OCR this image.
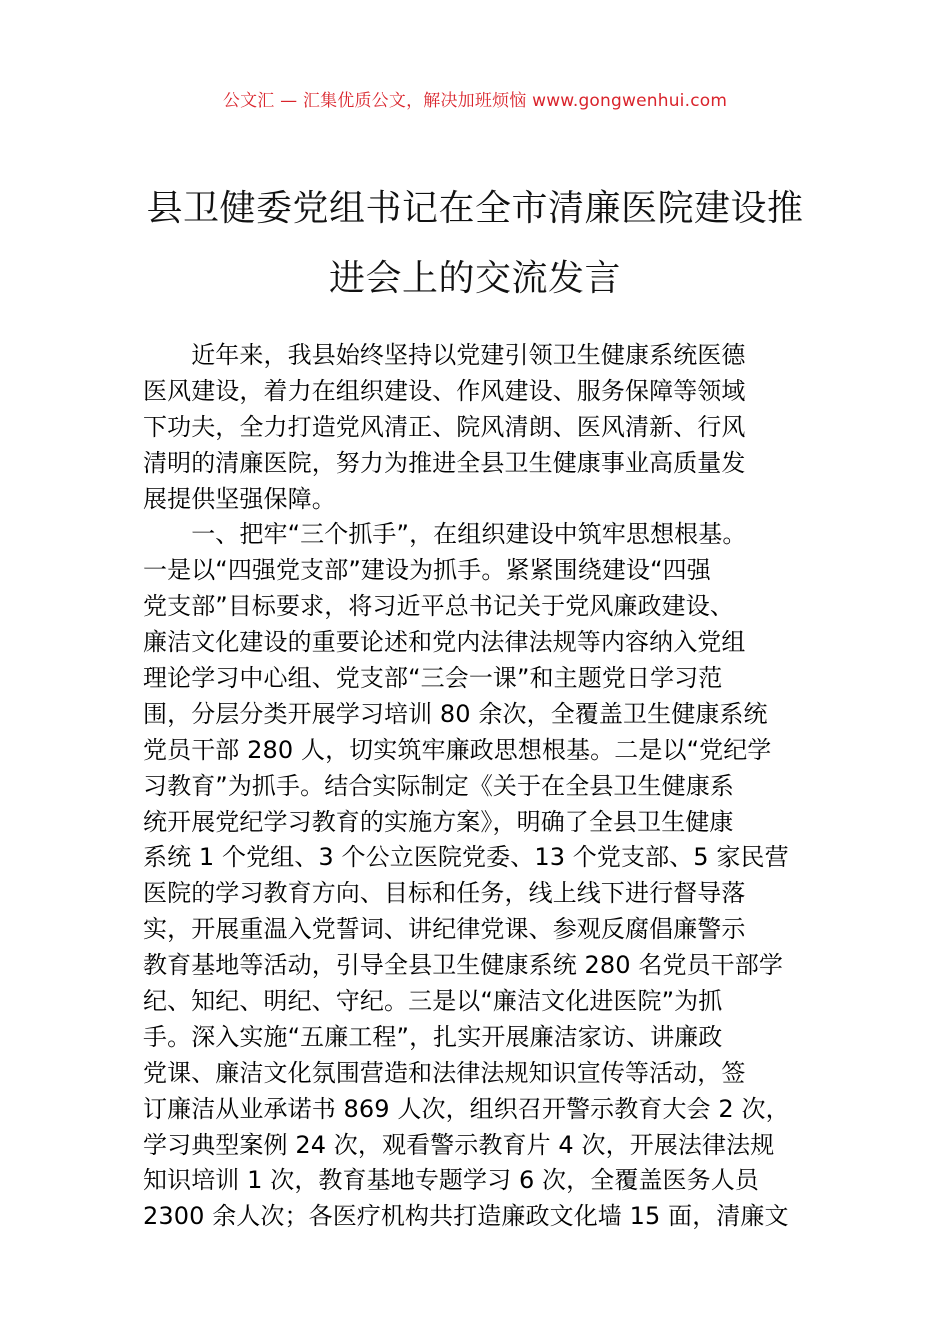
公文汇 — 汇集优质公文，解决加班烦恼 www.gongwenhui.com
县卫健委党组书记在全市清廉医院建设推
进会上的交流发言
　　近年来，我县始终坚持以党建引领卫生健康系统医德
医风建设，着力在组织建设、作风建设、服务保障等领域
下功夫，全力打造党风清正、院风清朗、医风清新、行风
清明的清廉医院，努力为推进全县卫生健康事业高质量发
展提供坚强保障。
　　一、把牢“三个抓手”，在组织建设中筑牢思想根基。
一是以“四强党支部”建设为抓手。紧紧围绕建设“四强
党支部”目标要求，将习近平总书记关于党风廉政建设、
廉洁文化建设的重要论述和党内法律法规等内容纳入党组
理论学习中心组、党支部“三会一课”和主题党日学习范
围，分层分类开展学习培训 80 余次，全覆盖卫生健康系统
党员干部 280 人，切实筑牢廉政思想根基。二是以“党纪学
习教育”为抓手。结合实际制定《关于在全县卫生健康系
统开展党纪学习教育的实施方案》，明确了全县卫生健康
系统 1 个党组、3 个公立医院党委、13 个党支部、5 家民营
医院的学习教育方向、目标和任务，线上线下进行督导落
实，开展重温入党誓词、讲纪律党课、参观反腐倡廉警示
教育基地等活动，引导全县卫生健康系统 280 名党员干部学
纪、知纪、明纪、守纪。三是以“廉洁文化进医院”为抓
手。深入实施“五廉工程”，扎实开展廉洁家访、讲廉政
党课、廉洁文化氛围营造和法律法规知识宣传等活动，签
订廉洁从业承诺书 869 人次，组织召开警示教育大会 2 次，
学习典型案例 24 次，观看警示教育片 4 次，开展法律法规
知识培训 1 次，教育基地专题学习 6 次，全覆盖医务人员
2300 余人次；各医疗机构共打造廉政文化墙 15 面，清廉文
